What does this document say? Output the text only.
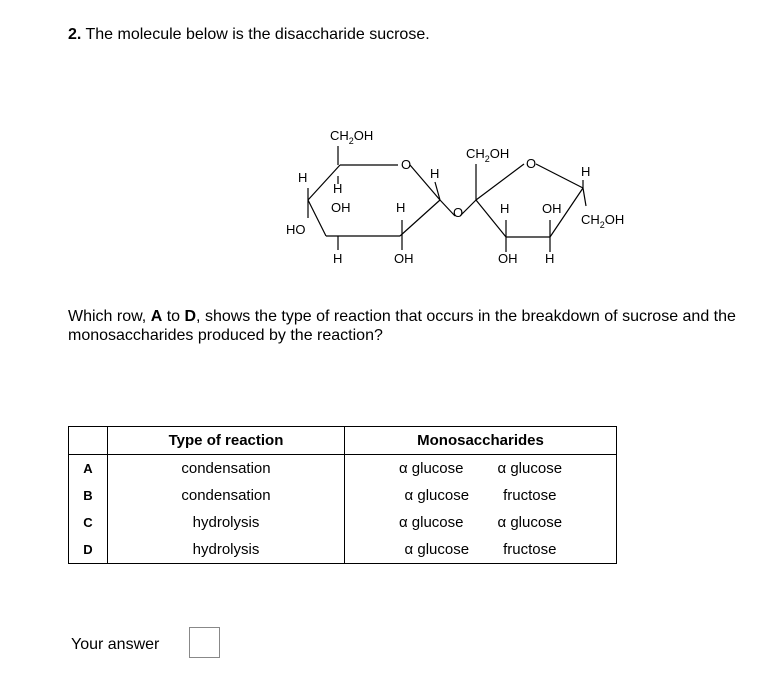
2. The molecule below is the disaccharide sucrose.
$CH_2OH$
O
H
H
OH
HO
H
H	OH
H
O
$CH_2OH$
O
H	OH
H
$CH_2OH$
OH H
Which row, A to D, shows the type of reaction that occurs in the breakdown of sucrose and the monosaccharides produced by the reaction?
	Type of reaction	Monosaccharides
A	condensation	α glucose α glucose

B	condensation	α glucose fructose

C	hydrolysis	α glucose α glucose

D	hydrolysis	α glucose fructose
Your answer
